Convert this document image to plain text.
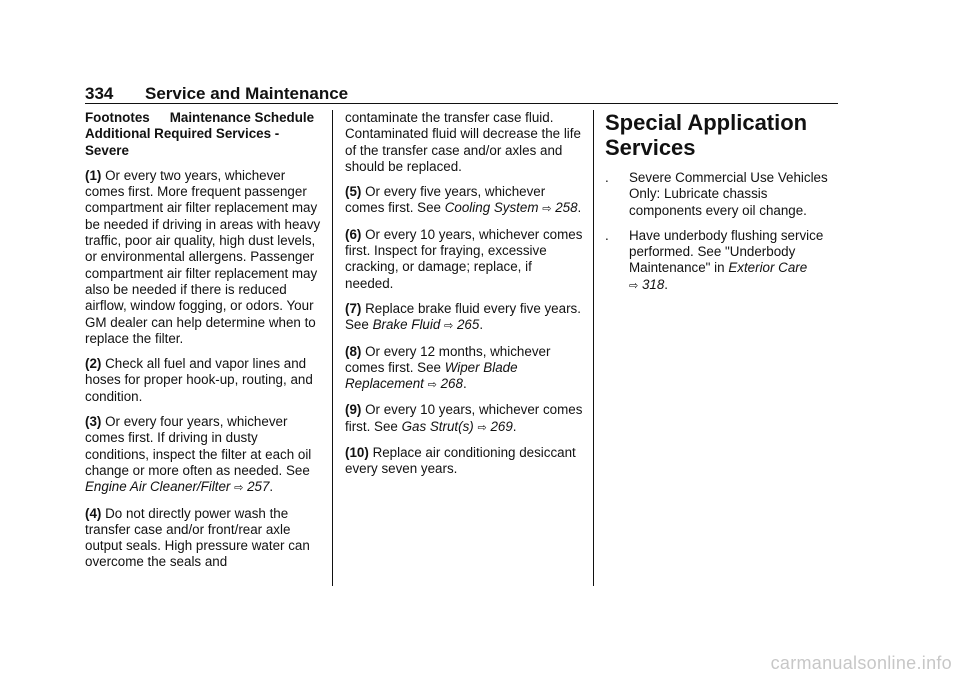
334	Service and Maintenance
Footnotes Maintenance Schedule Additional Required Services - Severe

(1) Or every two years, whichever comes first. More frequent passenger compartment air filter replacement may be needed if driving in areas with heavy traffic, poor air quality, high dust levels, or environmental allergens. Passenger compartment air filter replacement may also be needed if there is reduced airflow, window fogging, or odors. Your GM dealer can help determine when to replace the filter.

(2) Check all fuel and vapor lines and hoses for proper hook-up, routing, and condition.

(3) Or every four years, whichever comes first. If driving in dusty conditions, inspect the filter at each oil change or more often as needed. See Engine Air Cleaner/Filter ⇨ 257.

(4) Do not directly power wash the transfer case and/or front/rear axle output seals. High pressure water can overcome the seals and

contaminate the transfer case fluid. Contaminated fluid will decrease the life of the transfer case and/or axles and should be replaced.

(5) Or every five years, whichever comes first. See Cooling System ⇨ 258.

(6) Or every 10 years, whichever comes first. Inspect for fraying, excessive cracking, or damage; replace, if needed.

(7) Replace brake fluid every five years. See Brake Fluid ⇨ 265.

(8) Or every 12 months, whichever comes first. See Wiper Blade Replacement ⇨ 268.

(9) Or every 10 years, whichever comes first. See Gas Strut(s) ⇨ 269.

(10) Replace air conditioning desiccant every seven years.

Special Application Services
.	Severe Commercial Use Vehicles Only: Lubricate chassis components every oil change.
.	Have underbody flushing service performed. See "Underbody Maintenance" in Exterior Care
⇨ 318.
carmanualsonline.info
